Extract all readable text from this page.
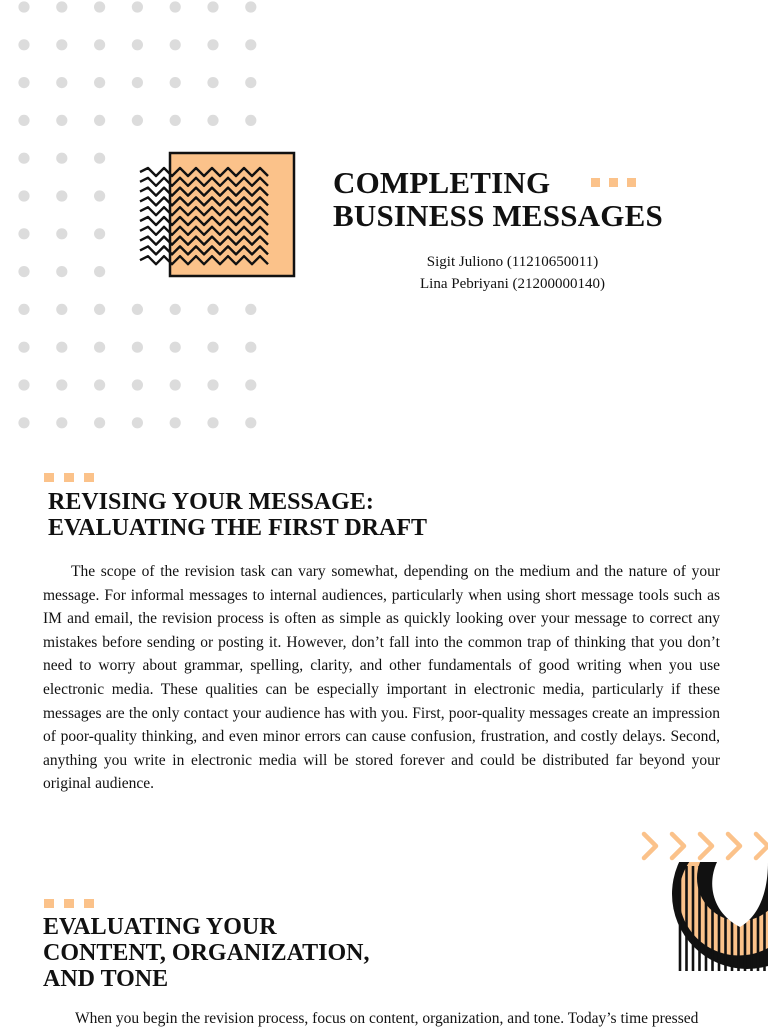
COMPLETING
BUSINESS MESSAGES
Sigit Juliono (11210650011)
Lina Pebriyani (21200000140)
REVISING YOUR MESSAGE:
EVALUATING THE FIRST DRAFT

The scope of the revision task can vary somewhat, depending on the medium and the nature of your message. For informal messages to internal audiences, particularly when using short message tools such as IM and email, the revision process is often as simple as quickly looking over your message to correct any mistakes before sending or posting it. However, don’t fall into the common trap of thinking that you don’t need to worry about grammar, spelling, clarity, and other fundamentals of good writing when you use electronic media. These qualities can be especially important in electronic media, particularly if these messages are the only contact your audience has with you. First, poor-quality messages create an impression of poor-quality thinking, and even minor errors can cause confusion, frustration, and costly delays. Second, anything you write in electronic media will be stored forever and could be distributed far beyond your original audience.

EVALUATING YOUR
CONTENT, ORGANIZATION,
AND TONE

When you begin the revision process, focus on content, organization, and tone. Today’s time pressed
